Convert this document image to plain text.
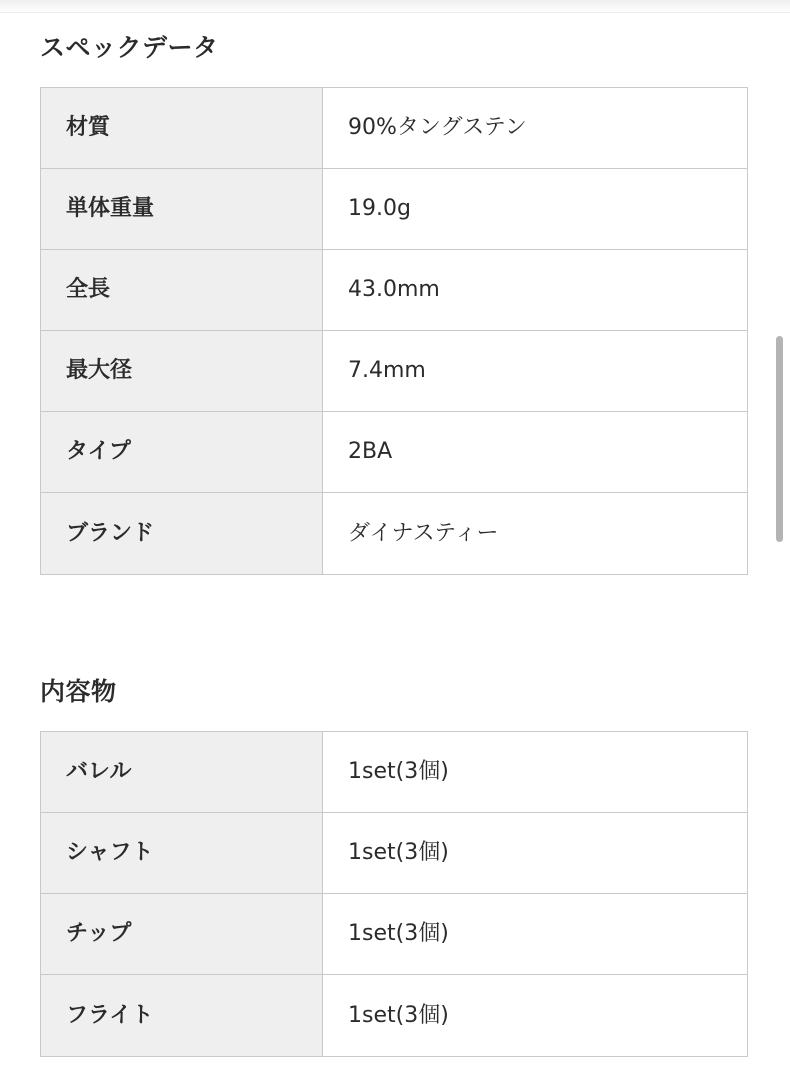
スペックデータ
材質	90%タングステン
単体重量	19.0g
全長	43.0mm
最大径	7.4mm
タイプ	2BA
ブランド	ダイナスティー
内容物
バレル	1set(3個)
シャフト	1set(3個)
チップ	1set(3個)
フライト	1set(3個)
